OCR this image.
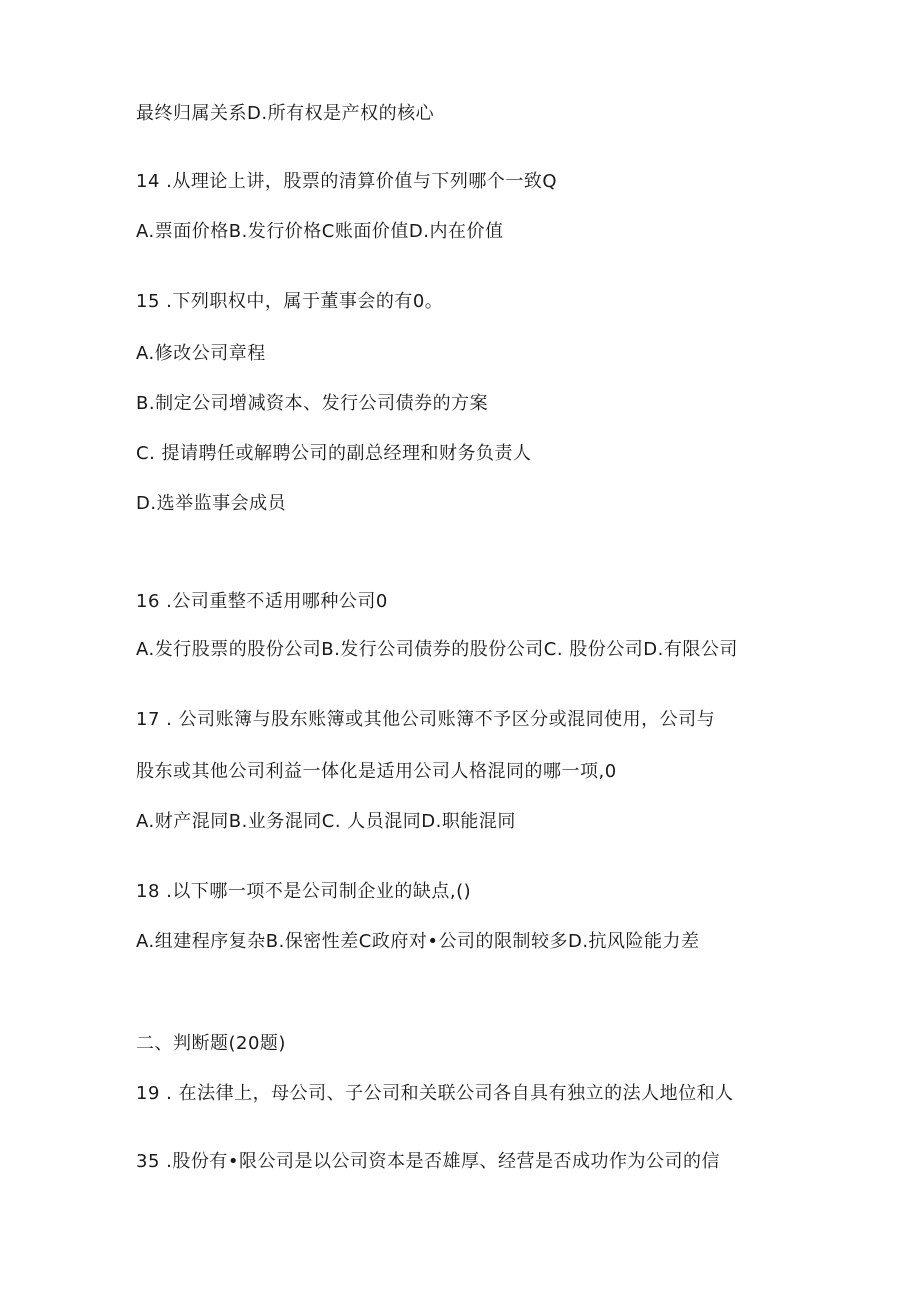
最终归属关系D.所有权是产权的核心
14 .从理论上讲，股票的清算价值与下列哪个一致Q
A.票面价格B.发行价格C账面价值D.内在价值
15 .下列职权中，属于董事会的有0。
A.修改公司章程
B.制定公司增减资本、发行公司债券的方案
C. 提请聘任或解聘公司的副总经理和财务负责人
D.选举监事会成员
16 .公司重整不适用哪种公司0
A.发行股票的股份公司B.发行公司债券的股份公司C. 股份公司D.有限公司
17 . 公司账簿与股东账簿或其他公司账簿不予区分或混同使用，公司与
股东或其他公司利益一体化是适用公司人格混同的哪一项,0
A.财产混同B.业务混同C. 人员混同D.职能混同
18 .以下哪一项不是公司制企业的缺点,()
A.组建程序复杂B.保密性差C政府对•公司的限制较多D.抗风险能力差
二、判断题(20题)
19 . 在法律上，母公司、子公司和关联公司各自具有独立的法人地位和人
35 .股份有•限公司是以公司资本是否雄厚、经营是否成功作为公司的信
